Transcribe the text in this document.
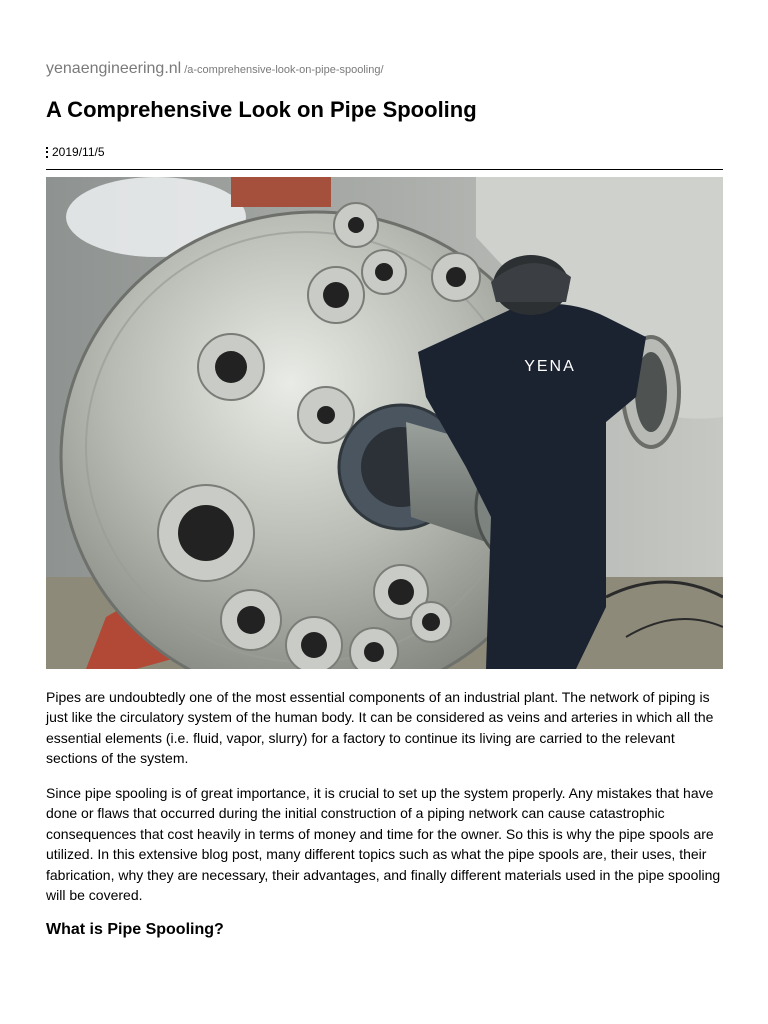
yenaengineering.nl /a-comprehensive-look-on-pipe-spooling/
A Comprehensive Look on Pipe Spooling
2019/11/5
YENA

Pipes are undoubtedly one of the most essential components of an industrial plant. The network of piping is just like the circulatory system of the human body. It can be considered as veins and arteries in which all the essential elements (i.e. fluid, vapor, slurry) for a factory to continue its living are carried to the relevant sections of the system.

Since pipe spooling is of great importance, it is crucial to set up the system properly. Any mistakes that have done or flaws that occurred during the initial construction of a piping network can cause catastrophic consequences that cost heavily in terms of money and time for the owner. So this is why the pipe spools are utilized. In this extensive blog post, many different topics such as what the pipe spools are, their uses, their fabrication, why they are necessary, their advantages, and finally different materials used in the pipe spooling will be covered.

What is Pipe Spooling?
